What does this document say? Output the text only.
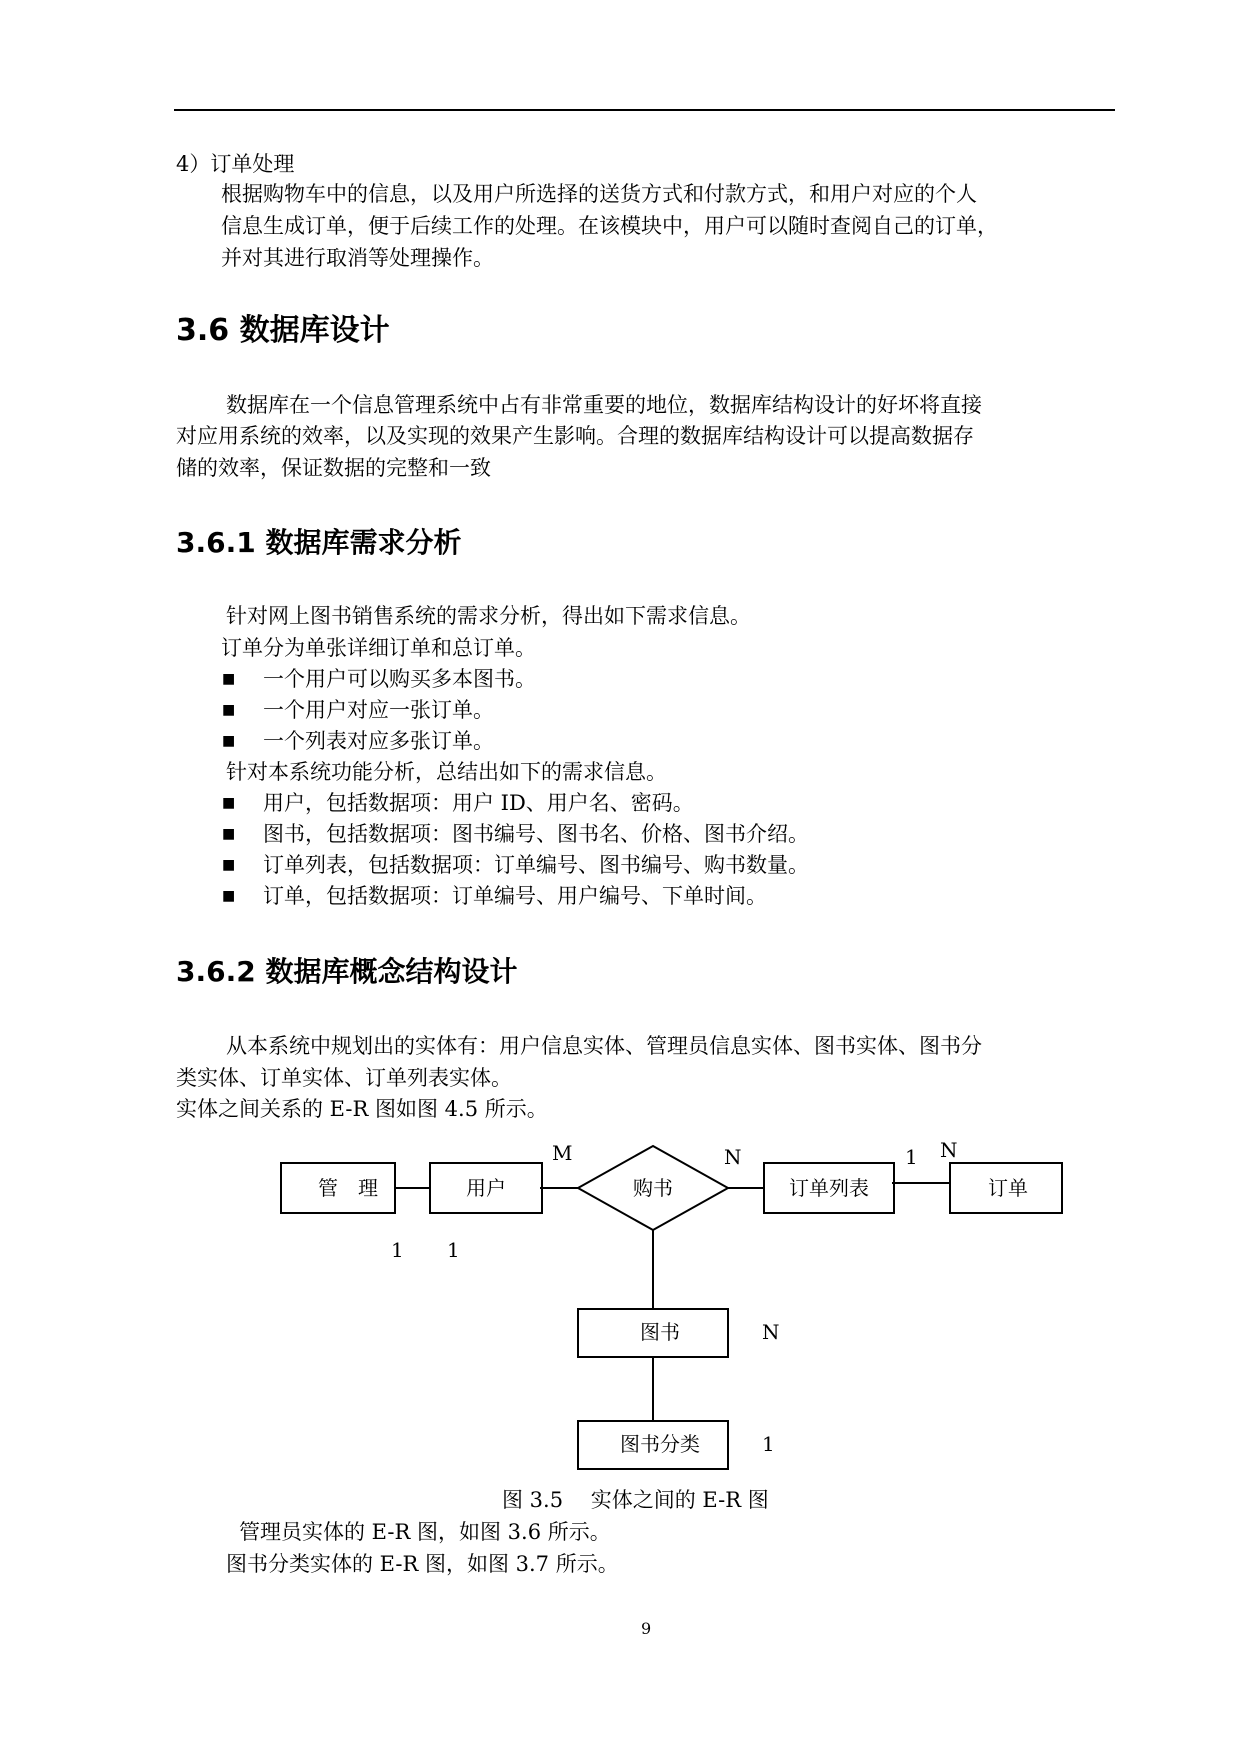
4）订单处理
根据购物车中的信息，以及用户所选择的送货方式和付款方式，和用户对应的个人
信息生成订单，便于后续工作的处理。在该模块中，用户可以随时查阅自己的订单，
并对其进行取消等处理操作。
3.6 数据库设计
数据库在一个信息管理系统中占有非常重要的地位，数据库结构设计的好坏将直接
对应用系统的效率，以及实现的效果产生影响。合理的数据库结构设计可以提高数据存
储的效率，保证数据的完整和一致
3.6.1 数据库需求分析
针对网上图书销售系统的需求分析，得出如下需求信息。
订单分为单张详细订单和总订单。
■ 一个用户可以购买多本图书。
■ 一个用户对应一张订单。
■ 一个列表对应多张订单。
针对本系统功能分析，总结出如下的需求信息。
■ 用户，包括数据项：用户 ID、用户名、密码。
■ 图书，包括数据项：图书编号、图书名、价格、图书介绍。
■ 订单列表，包括数据项：订单编号、图书编号、购书数量。
■ 订单，包括数据项：订单编号、用户编号、下单时间。
3.6.2 数据库概念结构设计
从本系统中规划出的实体有：用户信息实体、管理员信息实体、图书实体、图书分
类实体、订单实体、订单列表实体。
实体之间关系的 E-R 图如图 4.5 所示。
管　理	用户	订单列表	订单
购书
图书
图书分类
M	N	1 N
1 1
N
1
图 3.5　 实体之间的 E-R 图
管理员实体的 E-R 图，如图 3.6 所示。
图书分类实体的 E-R 图，如图 3.7 所示。
9
